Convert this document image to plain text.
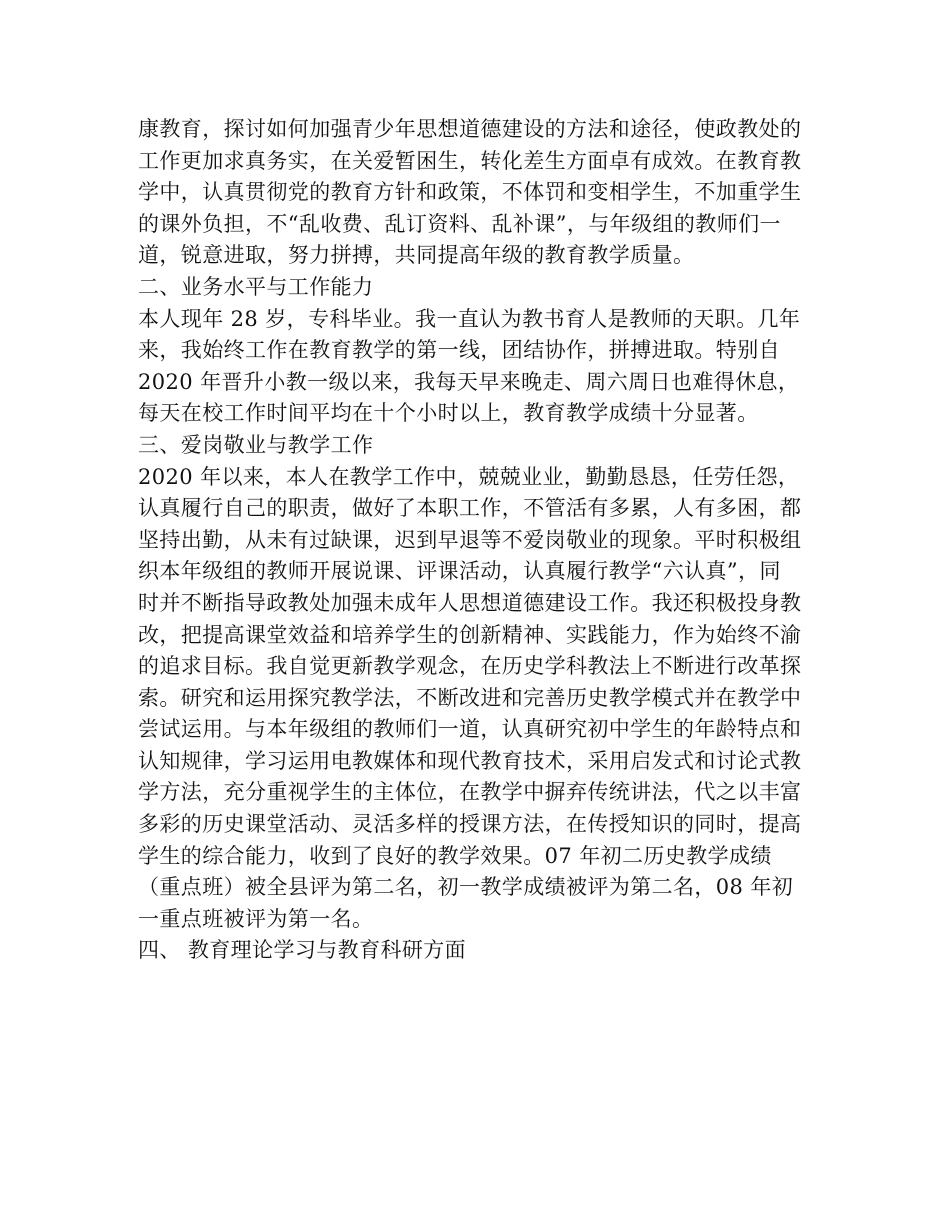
康教育，探讨如何加强青少年思想道德建设的方法和途径，使政教处的
工作更加求真务实，在关爱暂困生，转化差生方面卓有成效。在教育教
学中，认真贯彻党的教育方针和政策，不体罚和变相学生，不加重学生
的课外负担，不“乱收费、乱订资料、乱补课”，与年级组的教师们一
道，锐意进取，努力拼搏，共同提高年级的教育教学质量。
二、业务水平与工作能力
本人现年 28 岁，专科毕业。我一直认为教书育人是教师的天职。几年
来，我始终工作在教育教学的第一线，团结协作，拼搏进取。特别自
2020 年晋升小教一级以来，我每天早来晚走、周六周日也难得休息，
每天在校工作时间平均在十个小时以上，教育教学成绩十分显著。
三、爱岗敬业与教学工作
2020 年以来，本人在教学工作中，兢兢业业，勤勤恳恳，任劳任怨，
认真履行自己的职责，做好了本职工作，不管活有多累，人有多困，都
坚持出勤，从未有过缺课，迟到早退等不爱岗敬业的现象。平时积极组
织本年级组的教师开展说课、评课活动，认真履行教学“六认真”，同
时并不断指导政教处加强未成年人思想道德建设工作。我还积极投身教
改，把提高课堂效益和培养学生的创新精神、实践能力，作为始终不渝
的追求目标。我自觉更新教学观念，在历史学科教法上不断进行改革探
索。研究和运用探究教学法，不断改进和完善历史教学模式并在教学中
尝试运用。与本年级组的教师们一道，认真研究初中学生的年龄特点和
认知规律，学习运用电教媒体和现代教育技术，采用启发式和讨论式教
学方法，充分重视学生的主体位，在教学中摒弃传统讲法，代之以丰富
多彩的历史课堂活动、灵活多样的授课方法，在传授知识的同时，提高
学生的综合能力，收到了良好的教学效果。07 年初二历史教学成绩
（重点班）被全县评为第二名，初一教学成绩被评为第二名，08 年初
一重点班被评为第一名。
四、 教育理论学习与教育科研方面
